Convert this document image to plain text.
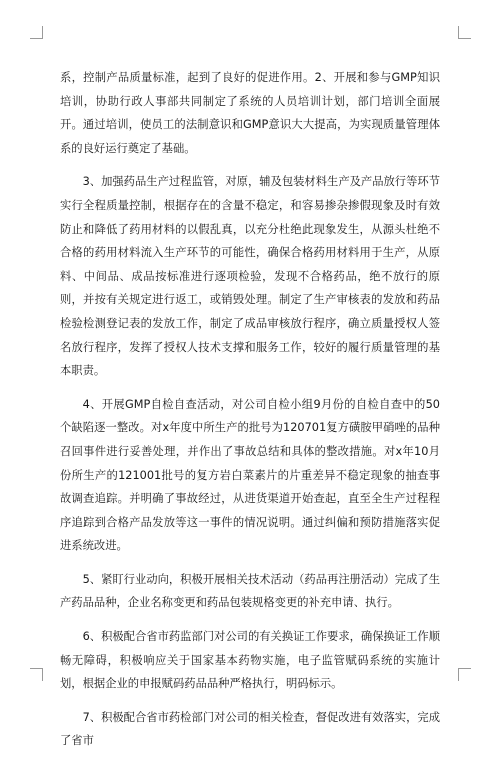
系，控制产品质量标准，起到了良好的促进作用。2、开展和参与GMP知识培训，协助行政人事部共同制定了系统的人员培训计划，部门培训全面展开。通过培训，使员工的法制意识和GMP意识大大提高，为实现质量管理体系的良好运行奠定了基础。

3、加强药品生产过程监管，对原，辅及包装材料生产及产品放行等环节实行全程质量控制，根据存在的含量不稳定，和容易掺杂掺假现象及时有效防止和降低了药用材料的以假乱真，以充分杜绝此现象发生，从源头杜绝不合格的药用材料流入生产环节的可能性，确保合格药用材料用于生产，从原料、中间品、成品按标准进行逐项检验，发现不合格药品，绝不放行的原则，并按有关规定进行返工，或销毁处理。制定了生产审核表的发放和药品检验检测登记表的发放工作，制定了成品审核放行程序，确立质量授权人签名放行程序，发挥了授权人技术支撑和服务工作，较好的履行质量管理的基本职责。

4、开展GMP自检自查活动，对公司自检小组9月份的自检自查中的50个缺陷逐一整改。对x年度中所生产的批号为120701复方磺胺甲硝唑的品种召回事件进行妥善处理，并作出了事故总结和具体的整改措施。对x年10月份所生产的121001批号的复方岩白菜素片的片重差异不稳定现象的抽查事故调查追踪。并明确了事故经过，从进货渠道开始查起，直至全生产过程程序追踪到合格产品发放等这一事件的情况说明。通过纠偏和预防措施落实促进系统改进。

5、紧盯行业动向，积极开展相关技术活动（药品再注册活动）完成了生产药品品种，企业名称变更和药品包装规格变更的补充申请、执行。

6、积极配合省市药监部门对公司的有关换证工作要求，确保换证工作顺畅无障碍，积极响应关于国家基本药物实施，电子监管赋码系统的实施计划，根据企业的申报赋码药品品种严格执行，明码标示。

7、积极配合省市药检部门对公司的相关检查，督促改进有效落实，完成了省市
